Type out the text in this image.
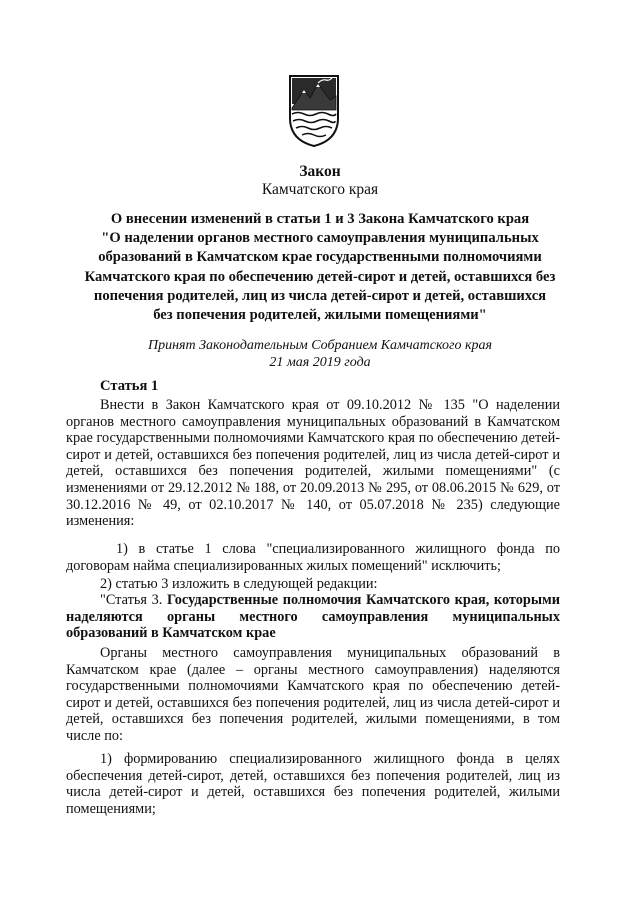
Закон
Камчатского края
О внесении изменений в статьи 1 и 3 Закона Камчатского края
"О наделении органов местного самоуправления муниципальных
образований в Камчатском крае государственными полномочиями
Камчатского края по обеспечению детей-сирот и детей, оставшихся без
попечения родителей, лиц из числа детей-сирот и детей, оставшихся
без попечения родителей, жилыми помещениями"
Принят Законодательным Собранием Камчатского края
21 мая 2019 года
Статья 1
Внести в Закон Камчатского края от 09.10.2012 № 135 "О наделении органов местного самоуправления муниципальных образований в Камчатском крае государственными полномочиями Камчатского края по обеспечению детей-сирот и детей, оставшихся без попечения родителей, лиц из числа детей-сирот и детей, оставшихся без попечения родителей, жилыми помещениями" (с изменениями от 29.12.2012 № 188, от 20.09.2013 № 295, от 08.06.2015 № 629, от 30.12.2016 № 49, от 02.10.2017 № 140, от 05.07.2018 № 235) следующие изменения:
1) в статье 1 слова "специализированного жилищного фонда по договорам найма специализированных жилых помещений" исключить;
2) статью 3 изложить в следующей редакции:
"Статья 3. Государственные полномочия Камчатского края, которыми наделяются органы местного самоуправления муниципальных образований в Камчатском крае
Органы местного самоуправления муниципальных образований в Камчатском крае (далее – органы местного самоуправления) наделяются государственными полномочиями Камчатского края по обеспечению детей-сирот и детей, оставшихся без попечения родителей, лиц из числа детей-сирот и детей, оставшихся без попечения родителей, жилыми помещениями, в том числе по:
1) формированию специализированного жилищного фонда в целях обеспечения детей-сирот, детей, оставшихся без попечения родителей, лиц из числа детей-сирот и детей, оставшихся без попечения родителей, жилыми помещениями;
